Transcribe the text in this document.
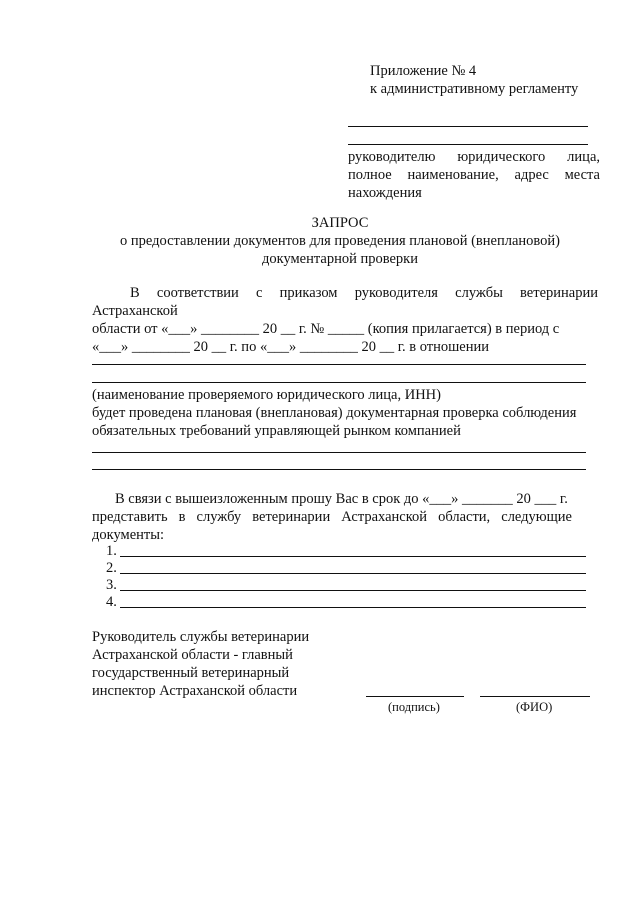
Приложение № 4
к административному регламенту
руководителю юридического лица,
полное наименование, адрес места
нахождения
ЗАПРОС
о предоставлении документов для проведения плановой (внеплановой)
документарной проверки
В соответствии с приказом руководителя службы ветеринарии
Астраханской
области от «___» ________ 20 __ г. № _____ (копия прилагается) в период с
«___» ________ 20 __ г. по «___» ________ 20 __ г. в отношении
(наименование проверяемого юридического лица, ИНН)
будет проведена плановая (внеплановая) документарная проверка соблюдения
обязательных требований управляющей рынком компанией
В связи с вышеизложенным прошу Вас в срок до «___» _______ 20 ___ г.
представить в службу ветеринарии Астраханской области, следующие
документы:
1.
2.
3.
4.
Руководитель службы ветеринарии
Астраханской области - главный
государственный ветеринарный
инспектор Астраханской области
(подпись)	(ФИО)
